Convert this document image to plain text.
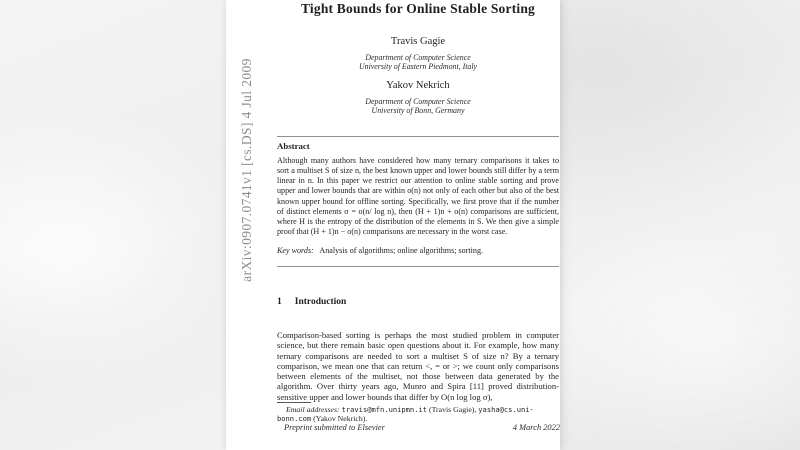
arXiv:0907.0741v1 [cs.DS] 4 Jul 2009
Tight Bounds for Online Stable Sorting
Travis Gagie
Department of Computer Science
University of Eastern Piedmont, Italy
Yakov Nekrich
Department of Computer Science
University of Bonn, Germany
Abstract

Although many authors have considered how many ternary comparisons it takes to sort a multiset S of size n, the best known upper and lower bounds still differ by a term linear in n. In this paper we restrict our attention to online stable sorting and prove upper and lower bounds that are within o(n) not only of each other but also of the best known upper bound for offline sorting. Specifically, we first prove that if the number of distinct elements σ = o(n/ log n), then (H + 1)n + o(n) comparisons are sufficient, where H is the entropy of the distribution of the elements in S. We then give a simple proof that (H + 1)n − o(n) comparisons are necessary in the worst case.

Key words: Analysis of algorithms; online algorithms; sorting.

1 Introduction

Comparison-based sorting is perhaps the most studied problem in computer science, but there remain basic open questions about it. For example, how many ternary comparisons are needed to sort a multiset S of size n? By a ternary comparison, we mean one that can return <, = or >; we count only comparisons between elements of the multiset, not those between data generated by the algorithm. Over thirty years ago, Munro and Spira [11] proved distribution-sensitive upper and lower bounds that differ by O(n log log σ),

Email addresses: travis@mfn.unipmn.it (Travis Gagie), yasha@cs.uni-bonn.com (Yakov Nekrich).

Preprint submitted to Elsevier	4 March 2022
